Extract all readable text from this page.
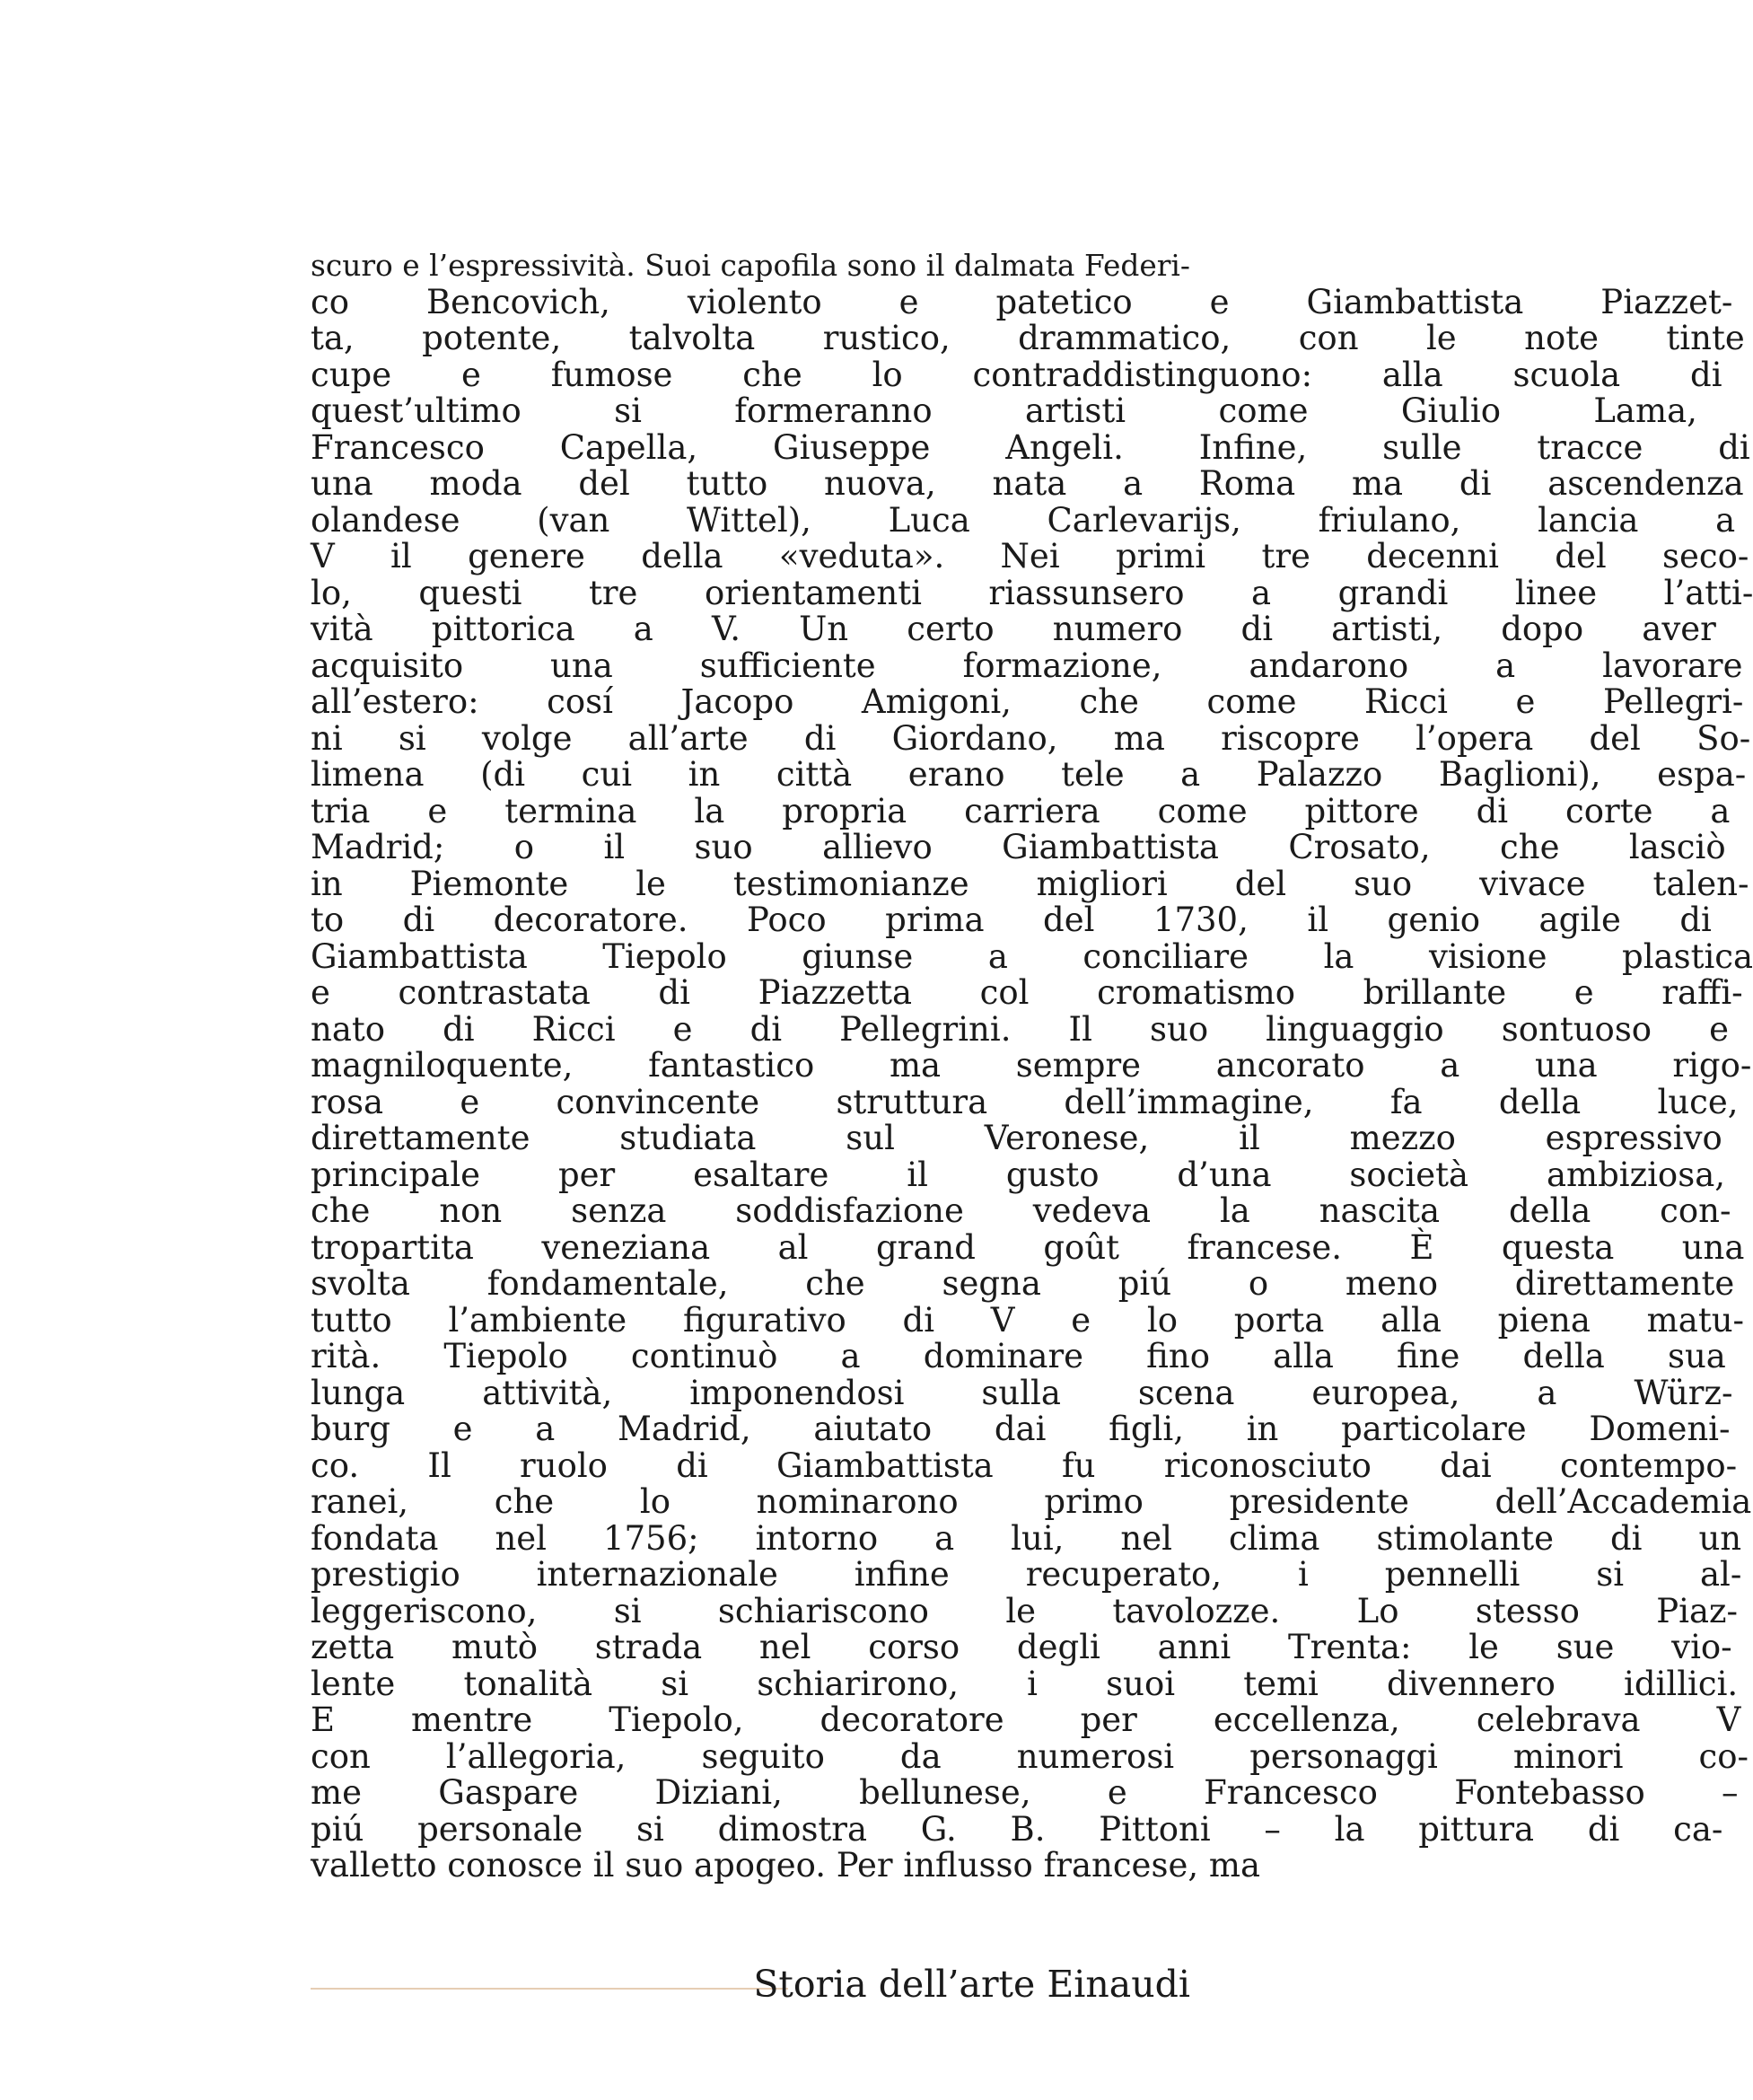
scuro e l’espressività. Suoi capofila sono il dalmata Federi-
co Bencovich, violento e patetico e Giambattista Piazzet-
ta, potente, talvolta rustico, drammatico, con le note tinte
cupe e fumose che lo contraddistinguono: alla scuola di
quest’ultimo si formeranno artisti come Giulio Lama,
Francesco Capella, Giuseppe Angeli. Infine, sulle tracce di
una moda del tutto nuova, nata a Roma ma di ascendenza
olandese (van Wittel), Luca Carlevarijs, friulano, lancia a
V il genere della «veduta». Nei primi tre decenni del seco-
lo, questi tre orientamenti riassunsero a grandi linee l’atti-
vità pittorica a V. Un certo numero di artisti, dopo aver
acquisito una sufficiente formazione, andarono a lavorare
all’estero: cosí Jacopo Amigoni, che come Ricci e Pellegri-
ni si volge all’arte di Giordano, ma riscopre l’opera del So-
limena (di cui in città erano tele a Palazzo Baglioni), espa-
tria e termina la propria carriera come pittore di corte a
Madrid; o il suo allievo Giambattista Crosato, che lasciò
in Piemonte le testimonianze migliori del suo vivace talen-
to di decoratore. Poco prima del 1730, il genio agile di
Giambattista Tiepolo giunse a conciliare la visione plastica
e contrastata di Piazzetta col cromatismo brillante e raffi-
nato di Ricci e di Pellegrini. Il suo linguaggio sontuoso e
magniloquente, fantastico ma sempre ancorato a una rigo-
rosa e convincente struttura dell’immagine, fa della luce,
direttamente studiata sul Veronese, il mezzo espressivo
principale per esaltare il gusto d’una società ambiziosa,
che non senza soddisfazione vedeva la nascita della con-
tropartita veneziana al grand goût francese. È questa una
svolta fondamentale, che segna piú o meno direttamente
tutto l’ambiente figurativo di V e lo porta alla piena matu-
rità. Tiepolo continuò a dominare fino alla fine della sua
lunga attività, imponendosi sulla scena europea, a Würz-
burg e a Madrid, aiutato dai figli, in particolare Domeni-
co. Il ruolo di Giambattista fu riconosciuto dai contempo-
ranei, che lo nominarono primo presidente dell’Accademia
fondata nel 1756; intorno a lui, nel clima stimolante di un
prestigio internazionale infine recuperato, i pennelli si al-
leggeriscono, si schiariscono le tavolozze. Lo stesso Piaz-
zetta mutò strada nel corso degli anni Trenta: le sue vio-
lente tonalità si schiarirono, i suoi temi divennero idillici.
E mentre Tiepolo, decoratore per eccellenza, celebrava V
con l’allegoria, seguito da numerosi personaggi minori co-
me Gaspare Diziani, bellunese, e Francesco Fontebasso –
piú personale si dimostra G. B. Pittoni – la pittura di ca-
valletto conosce il suo apogeo. Per influsso francese, ma
Storia dell’arte Einaudi
